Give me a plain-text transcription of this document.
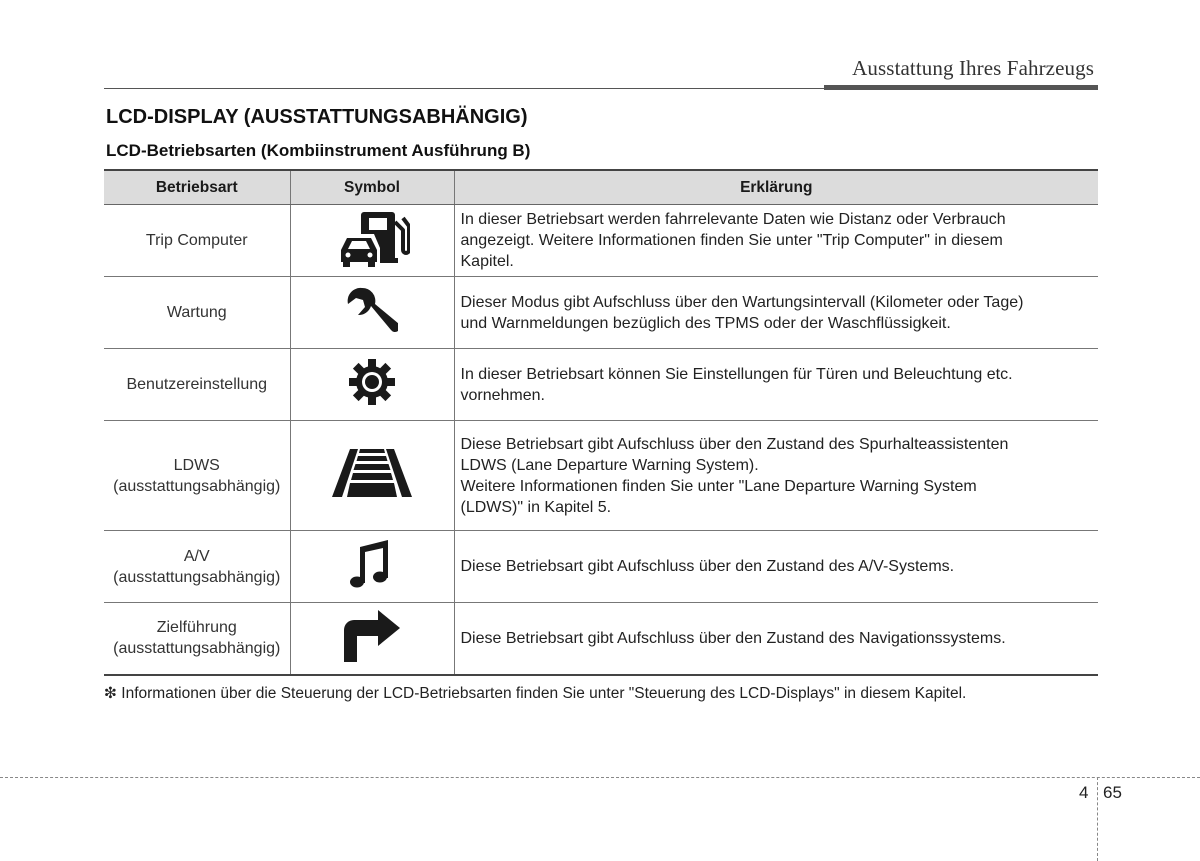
Ausstattung Ihres Fahrzeugs
LCD-DISPLAY (AUSSTATTUNGSABHÄNGIG)
LCD-Betriebsarten (Kombiinstrument Ausführung B)
Betriebsart	Symbol	Erklärung

Trip Computer		In dieser Betriebsart werden fahrrelevante Daten wie Distanz oder Verbrauch
angezeigt. Weitere Informationen finden Sie unter "Trip Computer" in diesem
Kapitel.

Wartung		Dieser Modus gibt Aufschluss über den Wartungsintervall (Kilometer oder Tage)
und Warnmeldungen bezüglich des TPMS oder der Waschflüssigkeit.

Benutzereinstellung		In dieser Betriebsart können Sie Einstellungen für Türen und Beleuchtung etc.
vornehmen.

LDWS
(ausstattungsabhängig)		Diese Betriebsart gibt Aufschluss über den Zustand des Spurhalteassistenten
LDWS (Lane Departure Warning System).
Weitere Informationen finden Sie unter "Lane Departure Warning System
(LDWS)" in Kapitel 5.

A/V
(ausstattungsabhängig)		Diese Betriebsart gibt Aufschluss über den Zustand des A/V-Systems.

Zielführung
(ausstattungsabhängig)		Diese Betriebsart gibt Aufschluss über den Zustand des Navigationssystems.
❇ Informationen über die Steuerung der LCD-Betriebsarten finden Sie unter "Steuerung des LCD-Displays" in diesem Kapitel.
4 65
